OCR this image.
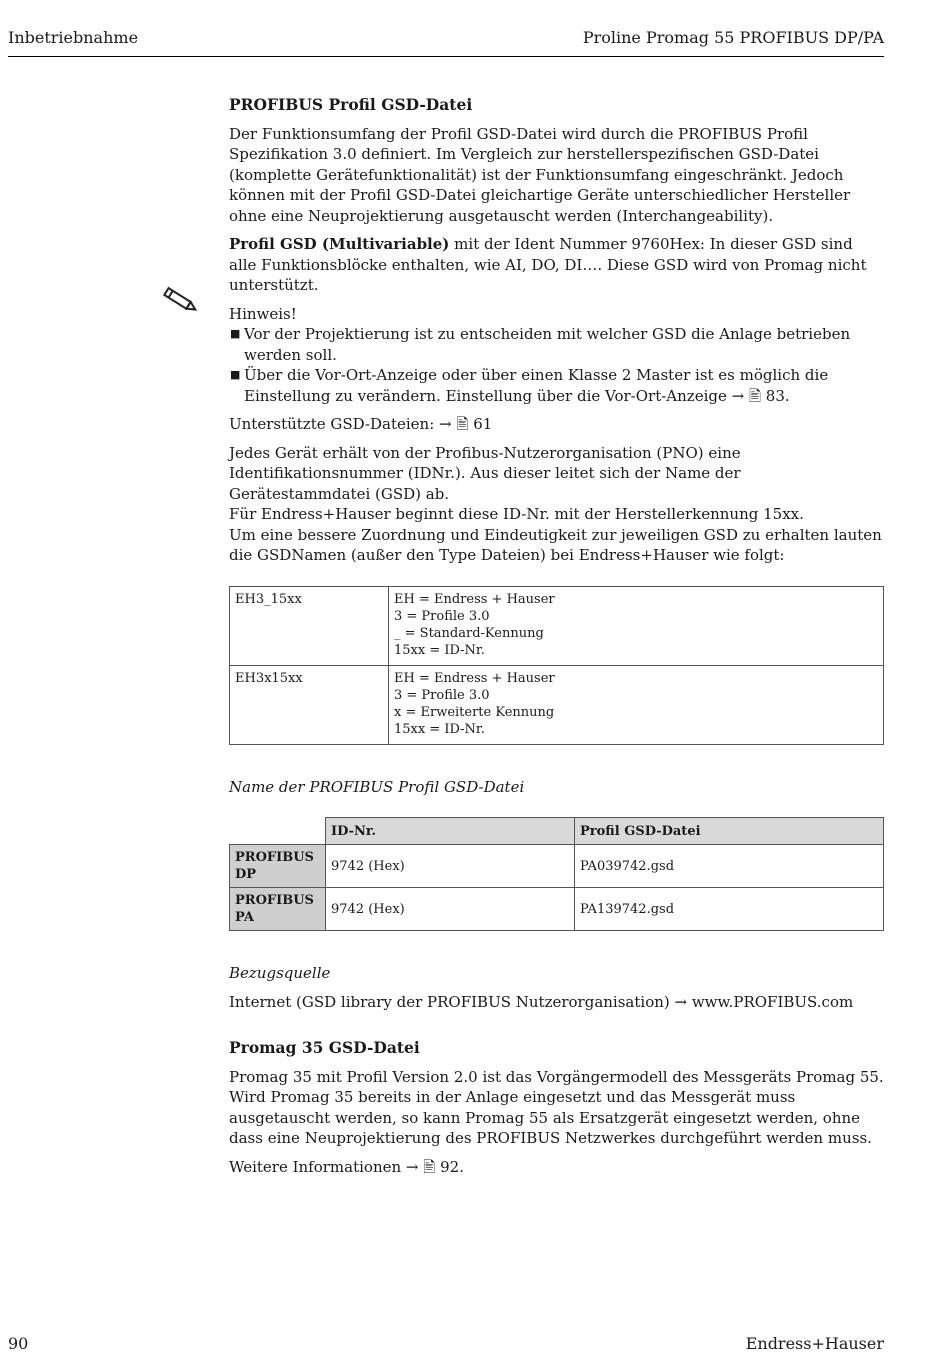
Inbetriebnahme	Proline Promag 55 PROFIBUS DP/PA
PROFIBUS Profil GSD-Datei

Der Funktionsumfang der Profil GSD-Datei wird durch die PROFIBUS Profil Spezifikation 3.0 definiert. Im Vergleich zur herstellerspezifischen GSD-Datei (komplette Gerätefunktionalität) ist der Funktionsumfang eingeschränkt. Jedoch können mit der Profil GSD-Datei gleichartige Geräte unterschiedlicher Hersteller ohne eine Neuprojektierung ausgetauscht werden (Interchangeability).

Profil GSD (Multivariable) mit der Ident Nummer 9760Hex: In dieser GSD sind alle Funktionsblöcke enthalten, wie AI, DO, DI…. Diese GSD wird von Promag nicht unterstützt.

Hinweis!
■ Vor der Projektierung ist zu entscheiden mit welcher GSD die Anlage betrieben werden soll.
■ Über die Vor-Ort-Anzeige oder über einen Klasse 2 Master ist es möglich die Einstellung zu verändern. Einstellung über die Vor-Ort-Anzeige → 🖹 83.

Unterstützte GSD-Dateien: → 🖹 61

Jedes Gerät erhält von der Profibus-Nutzerorganisation (PNO) eine Identifikationsnummer (IDNr.). Aus dieser leitet sich der Name der Gerätestammdatei (GSD) ab.
Für Endress+Hauser beginnt diese ID-Nr. mit der Herstellerkennung 15xx.
Um eine bessere Zuordnung und Eindeutigkeit zur jeweiligen GSD zu erhalten lauten die GSDNamen (außer den Type Dateien) bei Endress+Hauser wie folgt:
EH3_15xx	EH = Endress + Hauser
3 = Profile 3.0
_ = Standard-Kennung
15xx = ID-Nr.

EH3x15xx	EH = Endress + Hauser
3 = Profile 3.0
x = Erweiterte Kennung
15xx = ID-Nr.

Name der PROFIBUS Profil GSD-Datei

	ID-Nr.	Profil GSD-Datei
PROFIBUS DP	9742 (Hex)	PA039742.gsd
PROFIBUS PA	9742 (Hex)	PA139742.gsd

Bezugsquelle

Internet (GSD library der PROFIBUS Nutzerorganisation) → www.PROFIBUS.com

Promag 35 GSD-Datei

Promag 35 mit Profil Version 2.0 ist das Vorgängermodell des Messgeräts Promag 55. Wird Promag 35 bereits in der Anlage eingesetzt und das Messgerät muss ausgetauscht werden, so kann Promag 55 als Ersatzgerät eingesetzt werden, ohne dass eine Neuprojektierung des PROFIBUS Netzwerkes durchgeführt werden muss.

Weitere Informationen → 🖹 92.

90	Endress+Hauser
